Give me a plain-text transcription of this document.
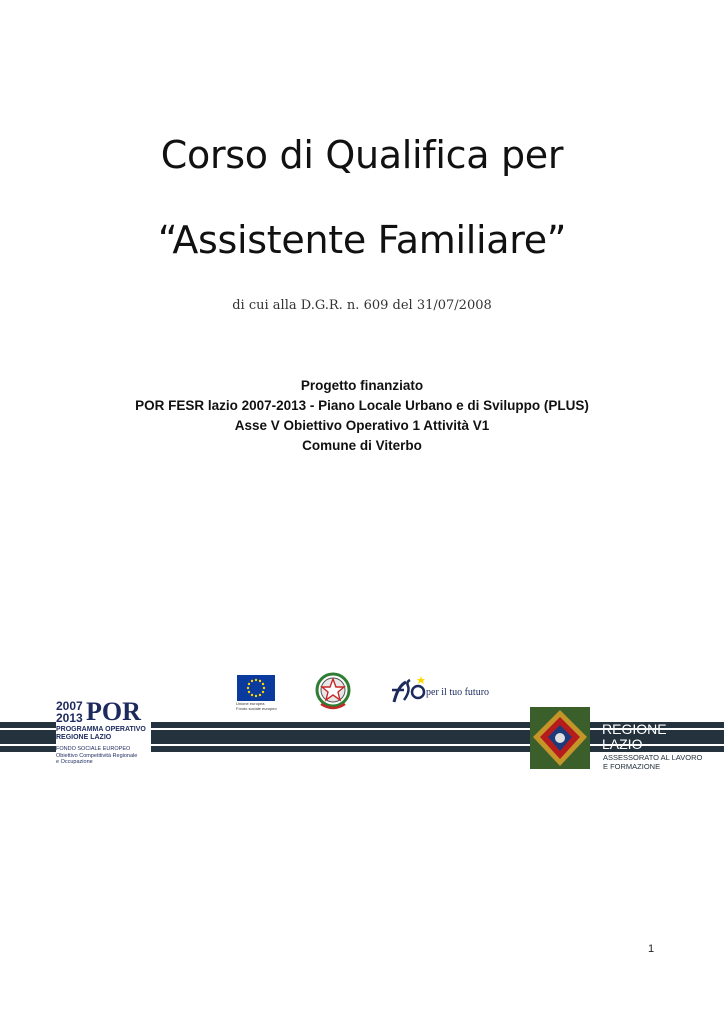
Corso di Qualifica per
“Assistente Familiare”
di cui alla D.G.R. n. 609 del 31/07/2008
Progetto finanziato
POR FESR lazio 2007-2013 - Piano Locale Urbano e di Sviluppo (PLUS)
Asse V Obiettivo Operativo 1 Attività V1
Comune di Viterbo
2007
2013 POR
PROGRAMMA OPERATIVO
REGIONE LAZIO
FONDO SOCIALE EUROPEO
Obiettivo Competitività Regionale
e Occupazione
Unione europea
Fondo sociale europeo
per il tuo futuro
REGIONE
LAZIO
ASSESSORATO AL LAVORO
E FORMAZIONE
1
